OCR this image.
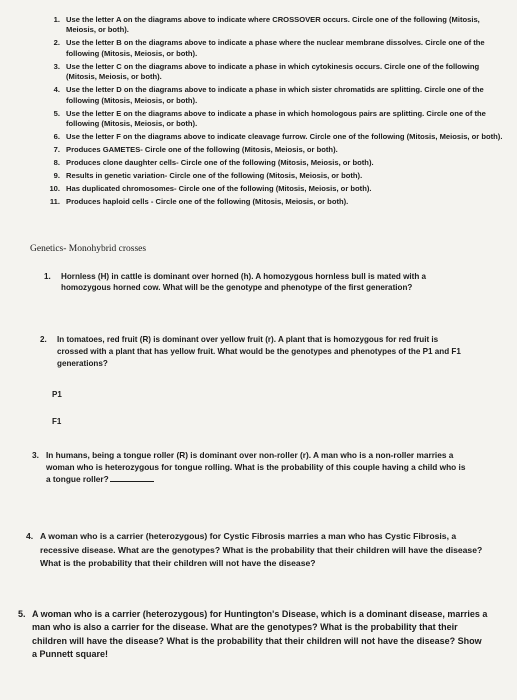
1. Use the letter A on the diagrams above to indicate where CROSSOVER occurs. Circle one of the following (Mitosis, Meiosis, or both).
2. Use the letter B on the diagrams above to indicate a phase where the nuclear membrane dissolves. Circle one of the following (Mitosis, Meiosis, or both).
3. Use the letter C on the diagrams above to indicate a phase in which cytokinesis occurs. Circle one of the following (Mitosis, Meiosis, or both).
4. Use the letter D on the diagrams above to indicate a phase in which sister chromatids are splitting. Circle one of the following (Mitosis, Meiosis, or both).
5. Use the letter E on the diagrams above to indicate a phase in which homologous pairs are splitting. Circle one of the following (Mitosis, Meiosis, or both).
6. Use the letter F on the diagrams above to indicate cleavage furrow. Circle one of the following (Mitosis, Meiosis, or both).
7. Produces GAMETES- Circle one of the following (Mitosis, Meiosis, or both).
8. Produces clone daughter cells- Circle one of the following (Mitosis, Meiosis, or both).
9. Results in genetic variation- Circle one of the following (Mitosis, Meiosis, or both).
10. Has duplicated chromosomes- Circle one of the following (Mitosis, Meiosis, or both).
11. Produces haploid cells - Circle one of the following (Mitosis, Meiosis, or both).
Genetics- Monohybrid crosses
1.	Hornless (H) in cattle is dominant over horned (h). A homozygous hornless bull is mated with a homozygous horned cow. What will be the genotype and phenotype of the first generation?
2.	In tomatoes, red fruit (R) is dominant over yellow fruit (r). A plant that is homozygous for red fruit is crossed with a plant that has yellow fruit. What would be the genotypes and phenotypes of the P1 and F1 generations?
P1
F1
3. In humans, being a tongue roller (R) is dominant over non-roller (r). A man who is a non-roller marries a woman who is heterozygous for tongue rolling. What is the probability of this couple having a child who is a tongue roller?
4. A woman who is a carrier (heterozygous) for Cystic Fibrosis marries a man who has Cystic Fibrosis, a recessive disease. What are the genotypes? What is the probability that their children will have the disease? What is the probability that their children will not have the disease?
5. A woman who is a carrier (heterozygous) for Huntington's Disease, which is a dominant disease, marries a man who is also a carrier for the disease. What are the genotypes? What is the probability that their children will have the disease? What is the probability that their children will not have the disease? Show a Punnett square!
